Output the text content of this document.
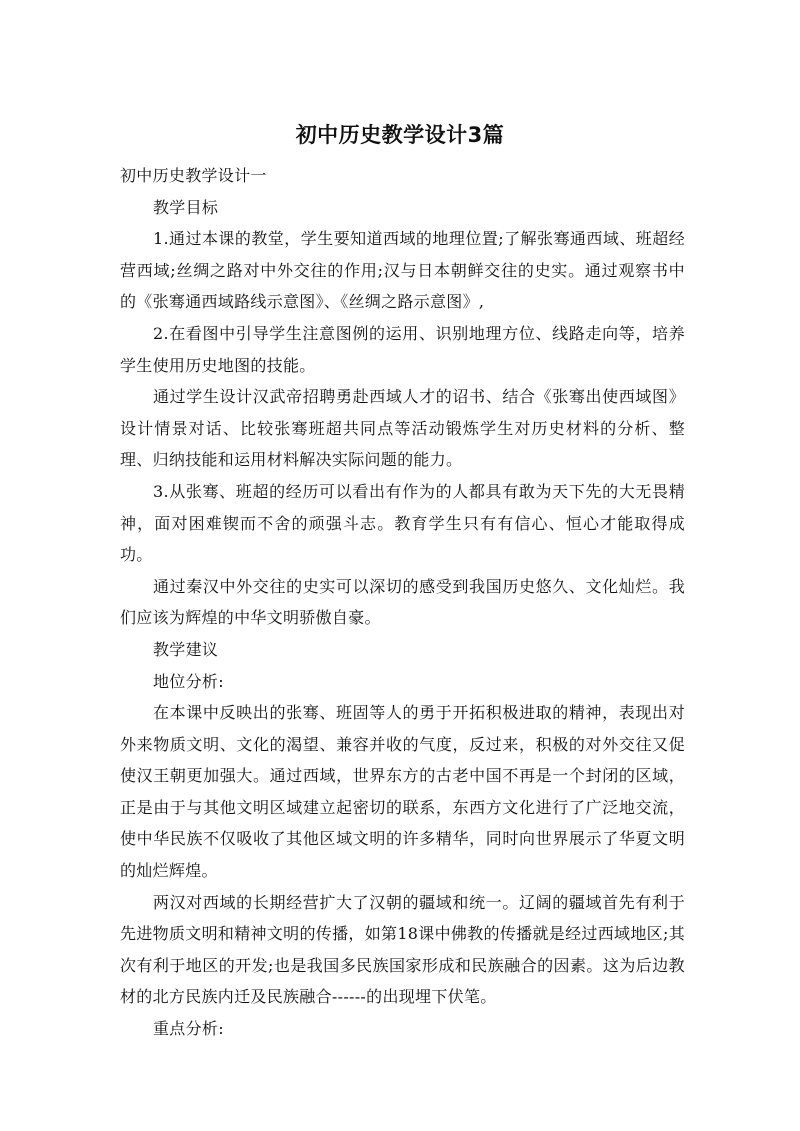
初中历史教学设计3篇

初中历史教学设计一

教学目标

1.通过本课的教堂，学生要知道西域的地理位置;了解张骞通西域、班超经营西域;丝绸之路对中外交往的作用;汉与日本朝鲜交往的史实。通过观察书中的《张骞通西域路线示意图》、《丝绸之路示意图》,

2.在看图中引导学生注意图例的运用、识别地理方位、线路走向等，培养学生使用历史地图的技能。

通过学生设计汉武帝招聘勇赴西域人才的诏书、结合《张骞出使西域图》设计情景对话、比较张骞班超共同点等活动锻炼学生对历史材料的分析、整理、归纳技能和运用材料解决实际问题的能力。

3.从张骞、班超的经历可以看出有作为的人都具有敢为天下先的大无畏精神，面对困难锲而不舍的顽强斗志。教育学生只有有信心、恒心才能取得成功。

通过秦汉中外交往的史实可以深切的感受到我国历史悠久、文化灿烂。我们应该为辉煌的中华文明骄傲自豪。

教学建议

地位分析:

在本课中反映出的张骞、班固等人的勇于开拓积极进取的精神，表现出对外来物质文明、文化的渴望、兼容并收的气度，反过来，积极的对外交往又促使汉王朝更加强大。通过西域，世界东方的古老中国不再是一个封闭的区域，正是由于与其他文明区域建立起密切的联系，东西方文化进行了广泛地交流，使中华民族不仅吸收了其他区域文明的许多精华，同时向世界展示了华夏文明的灿烂辉煌。

两汉对西域的长期经营扩大了汉朝的疆域和统一。辽阔的疆域首先有利于先进物质文明和精神文明的传播，如第18课中佛教的传播就是经过西域地区;其次有利于地区的开发;也是我国多民族国家形成和民族融合的因素。这为后边教材的北方民族内迁及民族融合------的出现埋下伏笔。

重点分析:
